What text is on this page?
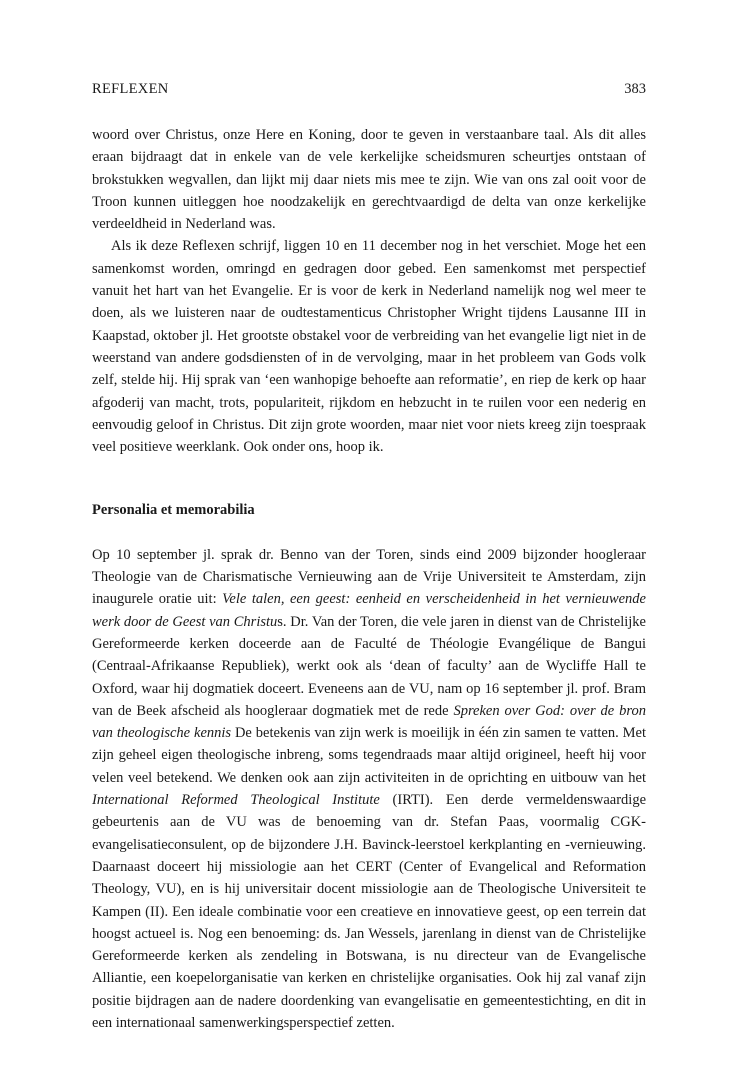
REFLEXEN	383

woord over Christus, onze Here en Koning, door te geven in verstaanbare taal. Als dit alles eraan bijdraagt dat in enkele van de vele kerkelijke scheidsmuren scheurtjes ontstaan of brokstukken wegvallen, dan lijkt mij daar niets mis mee te zijn. Wie van ons zal ooit voor de Troon kunnen uitleggen hoe noodzakelijk en gerechtvaardigd de delta van onze kerkelijke verdeeldheid in Nederland was.

Als ik deze Reflexen schrijf, liggen 10 en 11 december nog in het verschiet. Moge het een samenkomst worden, omringd en gedragen door gebed. Een samenkomst met perspectief vanuit het hart van het Evangelie. Er is voor de kerk in Nederland namelijk nog wel meer te doen, als we luisteren naar de oudtestamenticus Christopher Wright tijdens Lausanne III in Kaapstad, oktober jl. Het grootste obstakel voor de verbreiding van het evangelie ligt niet in de weerstand van andere godsdiensten of in de vervolging, maar in het probleem van Gods volk zelf, stelde hij. Hij sprak van ‘een wanhopige behoefte aan reformatie’, en riep de kerk op haar afgoderij van macht, trots, populariteit, rijkdom en hebzucht in te ruilen voor een nederig en eenvoudig geloof in Christus. Dit zijn grote woorden, maar niet voor niets kreeg zijn toespraak veel positieve weerklank. Ook onder ons, hoop ik.

Personalia et memorabilia

Op 10 september jl. sprak dr. Benno van der Toren, sinds eind 2009 bijzonder hoogleraar Theologie van de Charismatische Vernieuwing aan de Vrije Universiteit te Amsterdam, zijn inaugurele oratie uit: Vele talen, een geest: eenheid en verscheidenheid in het vernieuwende werk door de Geest van Christus. Dr. Van der Toren, die vele jaren in dienst van de Christelijke Gereformeerde kerken doceerde aan de Faculté de Théologie Evangélique de Bangui (Centraal-Afrikaanse Republiek), werkt ook als ‘dean of faculty’ aan de Wycliffe Hall te Oxford, waar hij dogmatiek doceert. Eveneens aan de VU, nam op 16 september jl. prof. Bram van de Beek afscheid als hoogleraar dogmatiek met de rede Spreken over God: over de bron van theologische kennis De betekenis van zijn werk is moeilijk in één zin samen te vatten. Met zijn geheel eigen theologische inbreng, soms tegendraads maar altijd origineel, heeft hij voor velen veel betekend. We denken ook aan zijn activiteiten in de oprichting en uitbouw van het International Reformed Theological Institute (IRTI). Een derde vermeldenswaardige gebeurtenis aan de VU was de benoeming van dr. Stefan Paas, voormalig CGK-evangelisatieconsulent, op de bijzondere J.H. Bavinck-leerstoel kerkplanting en -vernieuwing. Daarnaast doceert hij missiologie aan het CERT (Center of Evangelical and Reformation Theology, VU), en is hij universitair docent missiologie aan de Theologische Universiteit te Kampen (II). Een ideale combinatie voor een creatieve en innovatieve geest, op een terrein dat hoogst actueel is. Nog een benoeming: ds. Jan Wessels, jarenlang in dienst van de Christelijke Gereformeerde kerken als zendeling in Botswana, is nu directeur van de Evangelische Alliantie, een koepelorganisatie van kerken en christelijke organisaties. Ook hij zal vanaf zijn positie bijdragen aan de nadere doordenking van evangelisatie en gemeentestichting, en dit in een internationaal samenwerkingsperspectief zetten.
